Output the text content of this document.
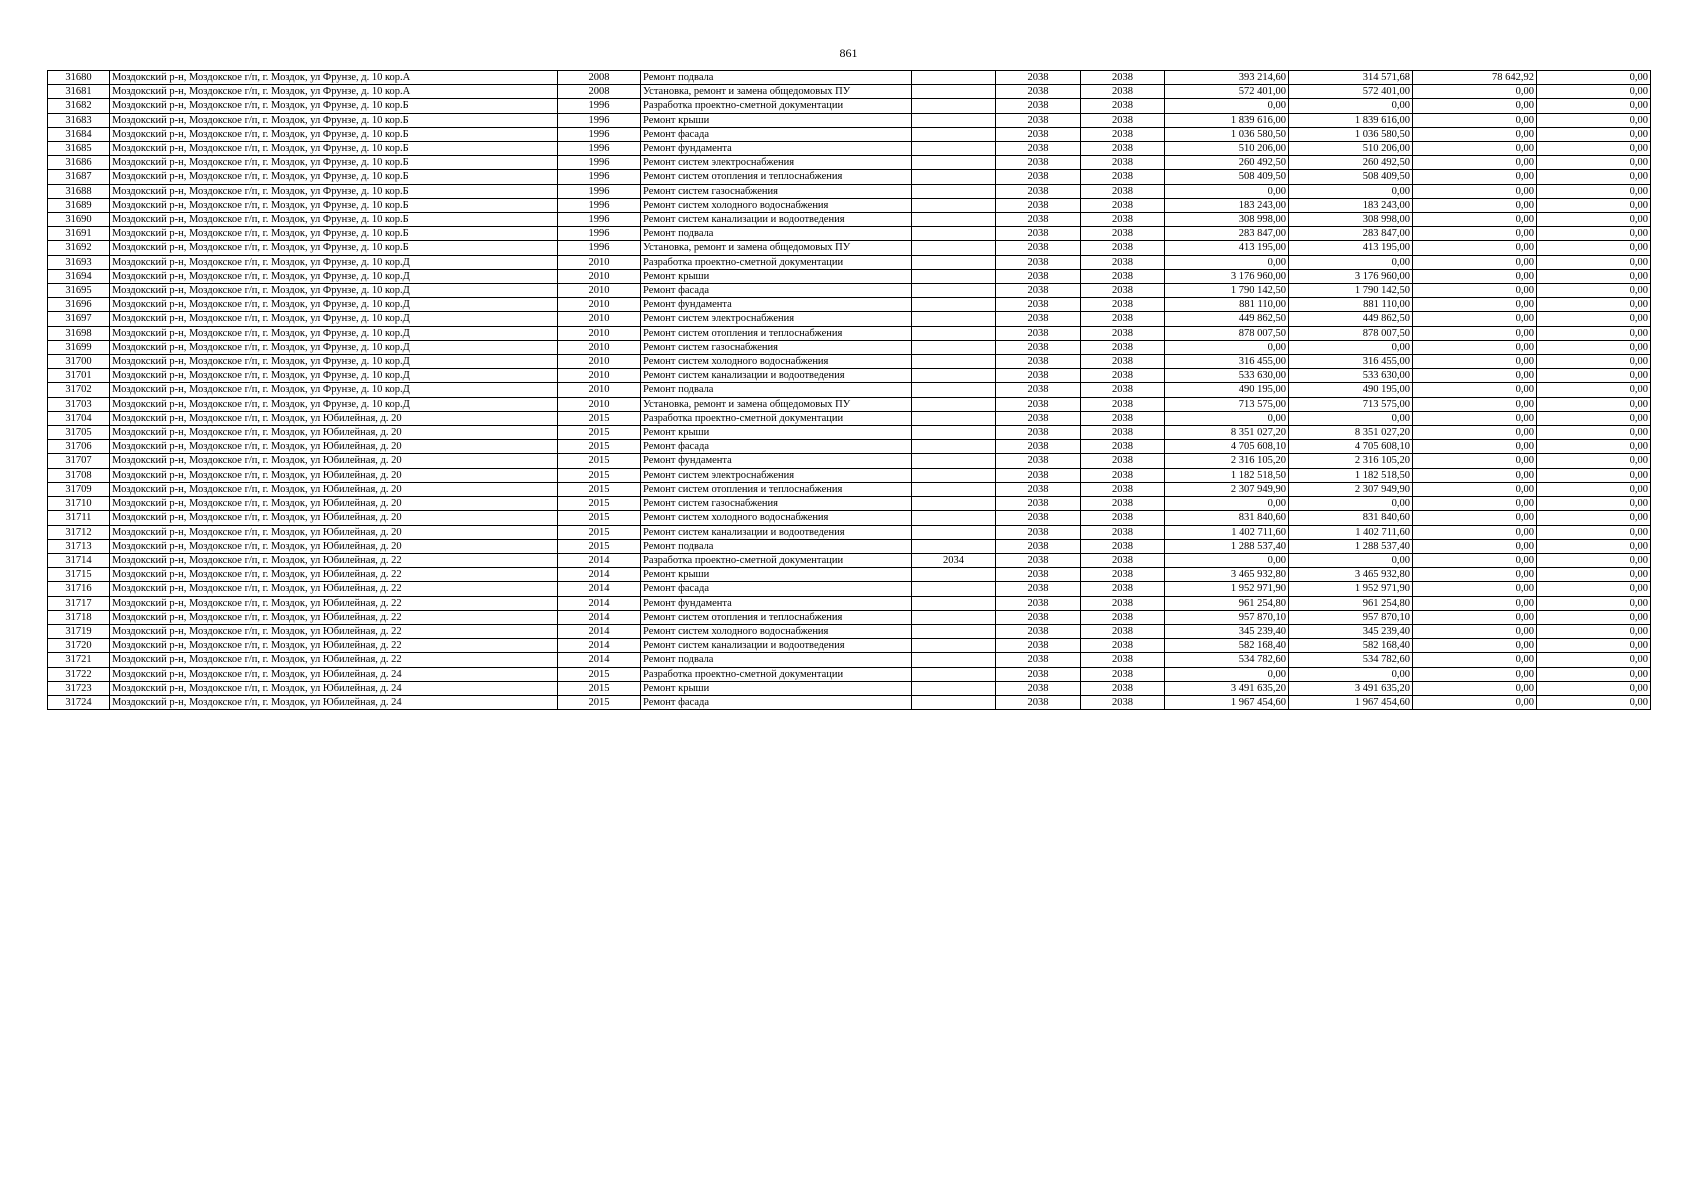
861
31680	Моздокский р-н, Моздокское г/п, г. Моздок, ул Фрунзе, д. 10 кор.А	2008	Ремонт подвала		2038	2038	393 214,60	314 571,68	78 642,92	0,00
31681	Моздокский р-н, Моздокское г/п, г. Моздок, ул Фрунзе, д. 10 кор.А	2008	Установка, ремонт и замена общедомовых ПУ		2038	2038	572 401,00	572 401,00	0,00	0,00
31682	Моздокский р-н, Моздокское г/п, г. Моздок, ул Фрунзе, д. 10 кор.Б	1996	Разработка проектно-сметной документации		2038	2038	0,00	0,00	0,00	0,00
31683	Моздокский р-н, Моздокское г/п, г. Моздок, ул Фрунзе, д. 10 кор.Б	1996	Ремонт крыши		2038	2038	1 839 616,00	1 839 616,00	0,00	0,00
31684	Моздокский р-н, Моздокское г/п, г. Моздок, ул Фрунзе, д. 10 кор.Б	1996	Ремонт фасада		2038	2038	1 036 580,50	1 036 580,50	0,00	0,00
31685	Моздокский р-н, Моздокское г/п, г. Моздок, ул Фрунзе, д. 10 кор.Б	1996	Ремонт фундамента		2038	2038	510 206,00	510 206,00	0,00	0,00
31686	Моздокский р-н, Моздокское г/п, г. Моздок, ул Фрунзе, д. 10 кор.Б	1996	Ремонт систем электроснабжения		2038	2038	260 492,50	260 492,50	0,00	0,00
31687	Моздокский р-н, Моздокское г/п, г. Моздок, ул Фрунзе, д. 10 кор.Б	1996	Ремонт систем отопления и теплоснабжения		2038	2038	508 409,50	508 409,50	0,00	0,00
31688	Моздокский р-н, Моздокское г/п, г. Моздок, ул Фрунзе, д. 10 кор.Б	1996	Ремонт систем газоснабжения		2038	2038	0,00	0,00	0,00	0,00
31689	Моздокский р-н, Моздокское г/п, г. Моздок, ул Фрунзе, д. 10 кор.Б	1996	Ремонт систем холодного водоснабжения		2038	2038	183 243,00	183 243,00	0,00	0,00
31690	Моздокский р-н, Моздокское г/п, г. Моздок, ул Фрунзе, д. 10 кор.Б	1996	Ремонт систем канализации и водоотведения		2038	2038	308 998,00	308 998,00	0,00	0,00
31691	Моздокский р-н, Моздокское г/п, г. Моздок, ул Фрунзе, д. 10 кор.Б	1996	Ремонт подвала		2038	2038	283 847,00	283 847,00	0,00	0,00
31692	Моздокский р-н, Моздокское г/п, г. Моздок, ул Фрунзе, д. 10 кор.Б	1996	Установка, ремонт и замена общедомовых ПУ		2038	2038	413 195,00	413 195,00	0,00	0,00
31693	Моздокский р-н, Моздокское г/п, г. Моздок, ул Фрунзе, д. 10 кор.Д	2010	Разработка проектно-сметной документации		2038	2038	0,00	0,00	0,00	0,00
31694	Моздокский р-н, Моздокское г/п, г. Моздок, ул Фрунзе, д. 10 кор.Д	2010	Ремонт крыши		2038	2038	3 176 960,00	3 176 960,00	0,00	0,00
31695	Моздокский р-н, Моздокское г/п, г. Моздок, ул Фрунзе, д. 10 кор.Д	2010	Ремонт фасада		2038	2038	1 790 142,50	1 790 142,50	0,00	0,00
31696	Моздокский р-н, Моздокское г/п, г. Моздок, ул Фрунзе, д. 10 кор.Д	2010	Ремонт фундамента		2038	2038	881 110,00	881 110,00	0,00	0,00
31697	Моздокский р-н, Моздокское г/п, г. Моздок, ул Фрунзе, д. 10 кор.Д	2010	Ремонт систем электроснабжения		2038	2038	449 862,50	449 862,50	0,00	0,00
31698	Моздокский р-н, Моздокское г/п, г. Моздок, ул Фрунзе, д. 10 кор.Д	2010	Ремонт систем отопления и теплоснабжения		2038	2038	878 007,50	878 007,50	0,00	0,00
31699	Моздокский р-н, Моздокское г/п, г. Моздок, ул Фрунзе, д. 10 кор.Д	2010	Ремонт систем газоснабжения		2038	2038	0,00	0,00	0,00	0,00
31700	Моздокский р-н, Моздокское г/п, г. Моздок, ул Фрунзе, д. 10 кор.Д	2010	Ремонт систем холодного водоснабжения		2038	2038	316 455,00	316 455,00	0,00	0,00
31701	Моздокский р-н, Моздокское г/п, г. Моздок, ул Фрунзе, д. 10 кор.Д	2010	Ремонт систем канализации и водоотведения		2038	2038	533 630,00	533 630,00	0,00	0,00
31702	Моздокский р-н, Моздокское г/п, г. Моздок, ул Фрунзе, д. 10 кор.Д	2010	Ремонт подвала		2038	2038	490 195,00	490 195,00	0,00	0,00
31703	Моздокский р-н, Моздокское г/п, г. Моздок, ул Фрунзе, д. 10 кор.Д	2010	Установка, ремонт и замена общедомовых ПУ		2038	2038	713 575,00	713 575,00	0,00	0,00
31704	Моздокский р-н, Моздокское г/п, г. Моздок, ул Юбилейная, д. 20	2015	Разработка проектно-сметной документации		2038	2038	0,00	0,00	0,00	0,00
31705	Моздокский р-н, Моздокское г/п, г. Моздок, ул Юбилейная, д. 20	2015	Ремонт крыши		2038	2038	8 351 027,20	8 351 027,20	0,00	0,00
31706	Моздокский р-н, Моздокское г/п, г. Моздок, ул Юбилейная, д. 20	2015	Ремонт фасада		2038	2038	4 705 608,10	4 705 608,10	0,00	0,00
31707	Моздокский р-н, Моздокское г/п, г. Моздок, ул Юбилейная, д. 20	2015	Ремонт фундамента		2038	2038	2 316 105,20	2 316 105,20	0,00	0,00
31708	Моздокский р-н, Моздокское г/п, г. Моздок, ул Юбилейная, д. 20	2015	Ремонт систем электроснабжения		2038	2038	1 182 518,50	1 182 518,50	0,00	0,00
31709	Моздокский р-н, Моздокское г/п, г. Моздок, ул Юбилейная, д. 20	2015	Ремонт систем отопления и теплоснабжения		2038	2038	2 307 949,90	2 307 949,90	0,00	0,00
31710	Моздокский р-н, Моздокское г/п, г. Моздок, ул Юбилейная, д. 20	2015	Ремонт систем газоснабжения		2038	2038	0,00	0,00	0,00	0,00
31711	Моздокский р-н, Моздокское г/п, г. Моздок, ул Юбилейная, д. 20	2015	Ремонт систем холодного водоснабжения		2038	2038	831 840,60	831 840,60	0,00	0,00
31712	Моздокский р-н, Моздокское г/п, г. Моздок, ул Юбилейная, д. 20	2015	Ремонт систем канализации и водоотведения		2038	2038	1 402 711,60	1 402 711,60	0,00	0,00
31713	Моздокский р-н, Моздокское г/п, г. Моздок, ул Юбилейная, д. 20	2015	Ремонт подвала		2038	2038	1 288 537,40	1 288 537,40	0,00	0,00
31714	Моздокский р-н, Моздокское г/п, г. Моздок, ул Юбилейная, д. 22	2014	Разработка проектно-сметной документации	2034	2038	2038	0,00	0,00	0,00	0,00
31715	Моздокский р-н, Моздокское г/п, г. Моздок, ул Юбилейная, д. 22	2014	Ремонт крыши		2038	2038	3 465 932,80	3 465 932,80	0,00	0,00
31716	Моздокский р-н, Моздокское г/п, г. Моздок, ул Юбилейная, д. 22	2014	Ремонт фасада		2038	2038	1 952 971,90	1 952 971,90	0,00	0,00
31717	Моздокский р-н, Моздокское г/п, г. Моздок, ул Юбилейная, д. 22	2014	Ремонт фундамента		2038	2038	961 254,80	961 254,80	0,00	0,00
31718	Моздокский р-н, Моздокское г/п, г. Моздок, ул Юбилейная, д. 22	2014	Ремонт систем отопления и теплоснабжения		2038	2038	957 870,10	957 870,10	0,00	0,00
31719	Моздокский р-н, Моздокское г/п, г. Моздок, ул Юбилейная, д. 22	2014	Ремонт систем холодного водоснабжения		2038	2038	345 239,40	345 239,40	0,00	0,00
31720	Моздокский р-н, Моздокское г/п, г. Моздок, ул Юбилейная, д. 22	2014	Ремонт систем канализации и водоотведения		2038	2038	582 168,40	582 168,40	0,00	0,00
31721	Моздокский р-н, Моздокское г/п, г. Моздок, ул Юбилейная, д. 22	2014	Ремонт подвала		2038	2038	534 782,60	534 782,60	0,00	0,00
31722	Моздокский р-н, Моздокское г/п, г. Моздок, ул Юбилейная, д. 24	2015	Разработка проектно-сметной документации		2038	2038	0,00	0,00	0,00	0,00
31723	Моздокский р-н, Моздокское г/п, г. Моздок, ул Юбилейная, д. 24	2015	Ремонт крыши		2038	2038	3 491 635,20	3 491 635,20	0,00	0,00
31724	Моздокский р-н, Моздокское г/п, г. Моздок, ул Юбилейная, д. 24	2015	Ремонт фасада		2038	2038	1 967 454,60	1 967 454,60	0,00	0,00
